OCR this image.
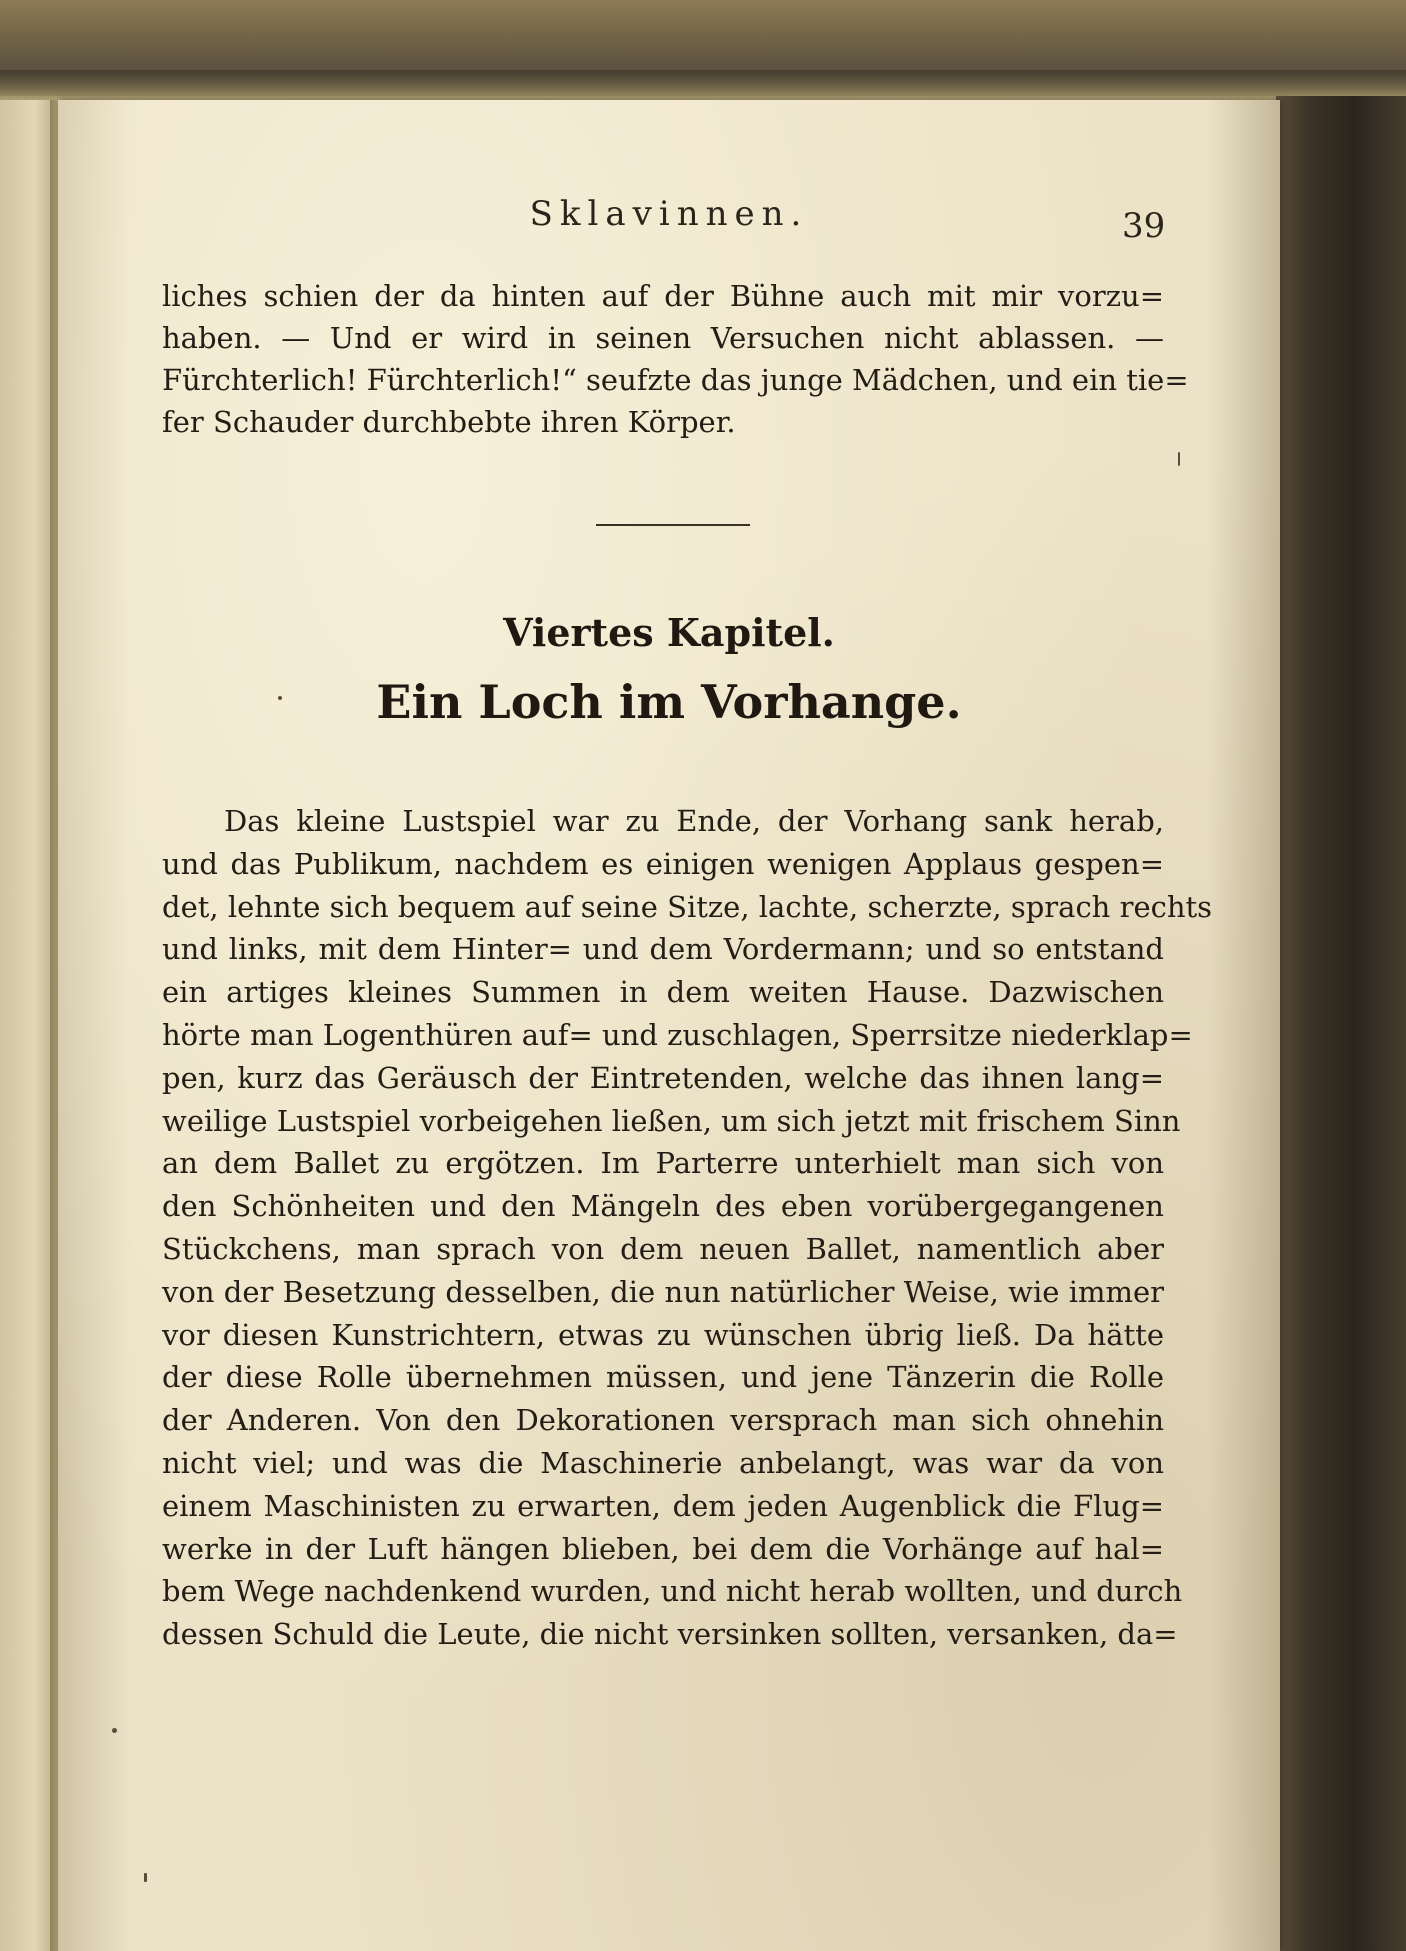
Sklavinnen.	39
liches schien der da hinten auf der Bühne auch mit mir vorzu=
haben. — Und er wird in seinen Versuchen nicht ablassen. —
Fürchterlich! Fürchterlich!“ seufzte das junge Mädchen, und ein tie=
fer Schauder durchbebte ihren Körper.
Viertes Kapitel.
Ein Loch im Vorhange.
Das kleine Lustspiel war zu Ende, der Vorhang sank herab,
und das Publikum, nachdem es einigen wenigen Applaus gespen=
det, lehnte sich bequem auf seine Sitze, lachte, scherzte, sprach rechts
und links, mit dem Hinter= und dem Vordermann; und so entstand
ein artiges kleines Summen in dem weiten Hause. Dazwischen
hörte man Logenthüren auf= und zuschlagen, Sperrsitze niederklap=
pen, kurz das Geräusch der Eintretenden, welche das ihnen lang=
weilige Lustspiel vorbeigehen ließen, um sich jetzt mit frischem Sinn
an dem Ballet zu ergötzen. Im Parterre unterhielt man sich von
den Schönheiten und den Mängeln des eben vorübergegangenen
Stückchens, man sprach von dem neuen Ballet, namentlich aber
von der Besetzung desselben, die nun natürlicher Weise, wie immer
vor diesen Kunstrichtern, etwas zu wünschen übrig ließ. Da hätte
der diese Rolle übernehmen müssen, und jene Tänzerin die Rolle
der Anderen. Von den Dekorationen versprach man sich ohnehin
nicht viel; und was die Maschinerie anbelangt, was war da von
einem Maschinisten zu erwarten, dem jeden Augenblick die Flug=
werke in der Luft hängen blieben, bei dem die Vorhänge auf hal=
bem Wege nachdenkend wurden, und nicht herab wollten, und durch
dessen Schuld die Leute, die nicht versinken sollten, versanken, da=
